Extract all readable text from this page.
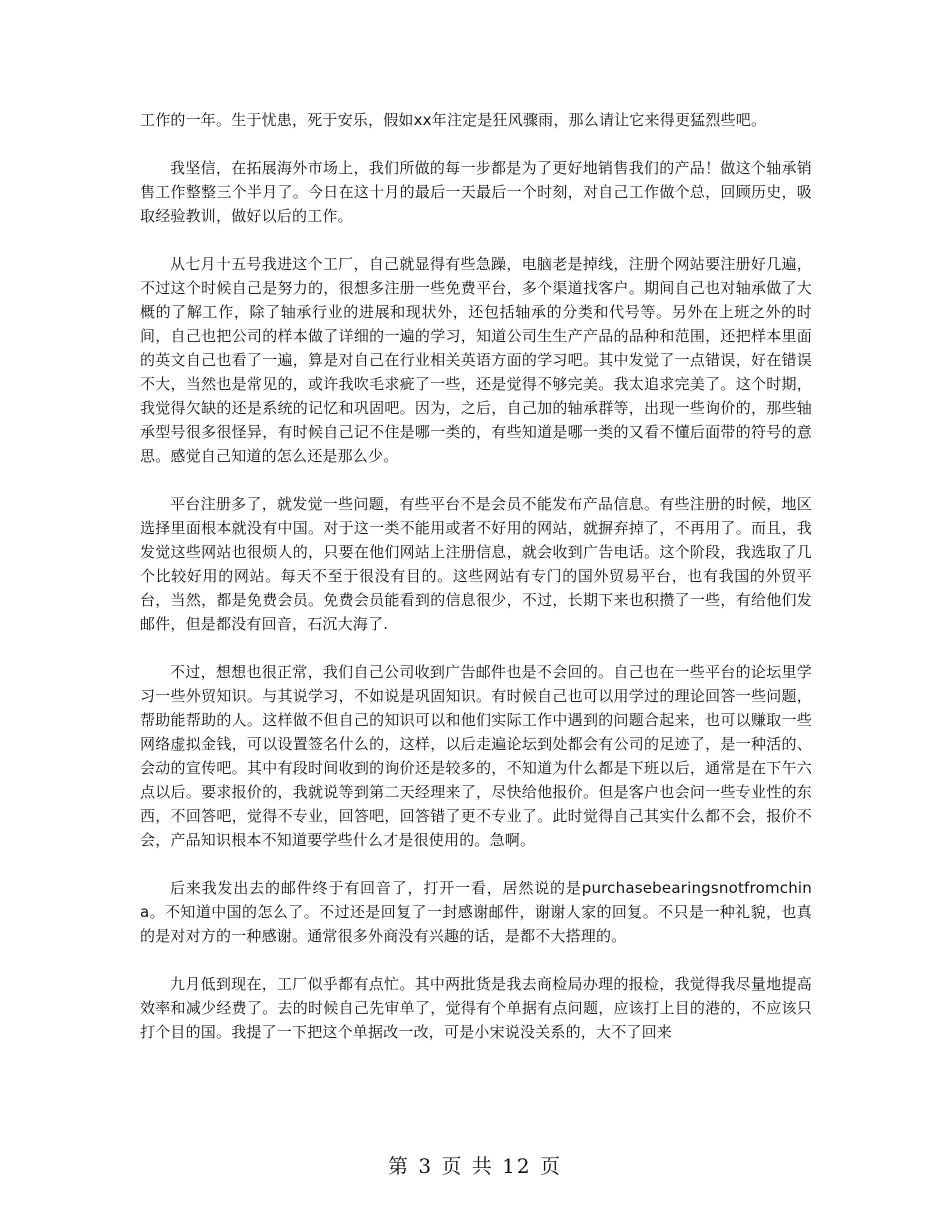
工作的一年。生于忧患，死于安乐，假如xx年注定是狂风骤雨，那么请让它来得更猛烈些吧。

我坚信，在拓展海外市场上，我们所做的每一步都是为了更好地销售我们的产品！做这个轴承销售工作整整三个半月了。今日在这十月的最后一天最后一个时刻，对自己工作做个总，回顾历史，吸取经验教训，做好以后的工作。

从七月十五号我进这个工厂，自己就显得有些急躁，电脑老是掉线，注册个网站要注册好几遍，不过这个时候自己是努力的，很想多注册一些免费平台，多个渠道找客户。期间自己也对轴承做了大概的了解工作，除了轴承行业的进展和现状外，还包括轴承的分类和代号等。另外在上班之外的时间，自己也把公司的样本做了详细的一遍的学习，知道公司生生产产品的品种和范围，还把样本里面的英文自己也看了一遍，算是对自己在行业相关英语方面的学习吧。其中发觉了一点错误，好在错误不大，当然也是常见的，或许我吹毛求疵了一些，还是觉得不够完美。我太追求完美了。这个时期，我觉得欠缺的还是系统的记忆和巩固吧。因为，之后，自己加的轴承群等，出现一些询价的，那些轴承型号很多很怪异，有时候自己记不住是哪一类的，有些知道是哪一类的又看不懂后面带的符号的意思。感觉自己知道的怎么还是那么少。

平台注册多了，就发觉一些问题，有些平台不是会员不能发布产品信息。有些注册的时候，地区选择里面根本就没有中国。对于这一类不能用或者不好用的网站，就摒弃掉了，不再用了。而且，我发觉这些网站也很烦人的，只要在他们网站上注册信息，就会收到广告电话。这个阶段，我选取了几个比较好用的网站。每天不至于很没有目的。这些网站有专门的国外贸易平台，也有我国的外贸平台，当然，都是免费会员。免费会员能看到的信息很少，不过，长期下来也积攒了一些，有给他们发邮件，但是都没有回音，石沉大海了.

不过，想想也很正常，我们自己公司收到广告邮件也是不会回的。自己也在一些平台的论坛里学习一些外贸知识。与其说学习，不如说是巩固知识。有时候自己也可以用学过的理论回答一些问题，帮助能帮助的人。这样做不但自己的知识可以和他们实际工作中遇到的问题合起来，也可以赚取一些网络虚拟金钱，可以设置签名什么的，这样，以后走遍论坛到处都会有公司的足迹了，是一种活的、会动的宣传吧。其中有段时间收到的询价还是较多的，不知道为什么都是下班以后，通常是在下午六点以后。要求报价的，我就说等到第二天经理来了，尽快给他报价。但是客户也会问一些专业性的东西，不回答吧，觉得不专业，回答吧，回答错了更不专业了。此时觉得自己其实什么都不会，报价不会，产品知识根本不知道要学些什么才是很使用的。急啊。

后来我发出去的邮件终于有回音了，打开一看，居然说的是purchasebearingsnotfromchina。不知道中国的怎么了。不过还是回复了一封感谢邮件，谢谢人家的回复。不只是一种礼貌，也真的是对对方的一种感谢。通常很多外商没有兴趣的话，是都不大搭理的。

九月低到现在，工厂似乎都有点忙。其中两批货是我去商检局办理的报检，我觉得我尽量地提高效率和减少经费了。去的时候自己先审单了，觉得有个单据有点问题，应该打上目的港的，不应该只打个目的国。我提了一下把这个单据改一改，可是小宋说没关系的，大不了回来

第 3 页 共 12 页
